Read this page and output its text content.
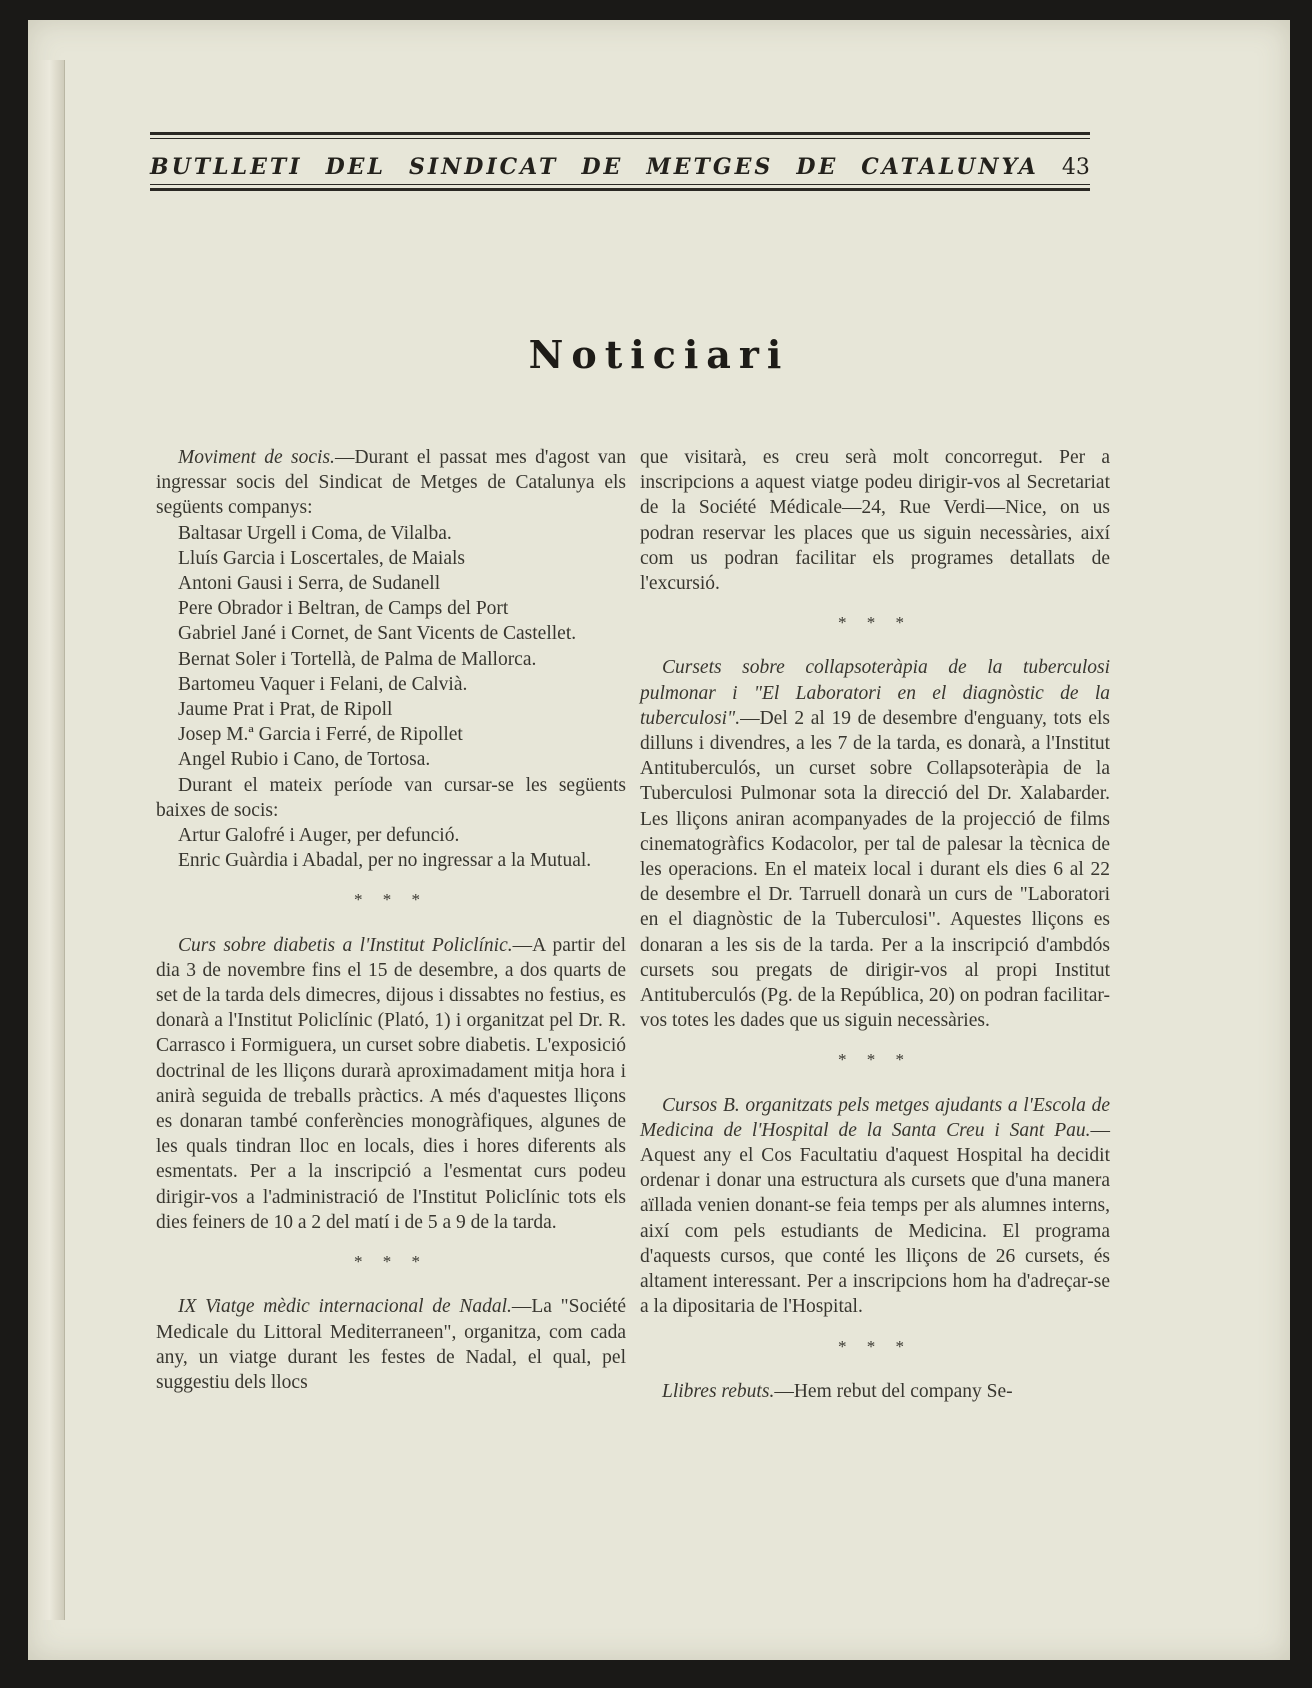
BUTLLETI DEL SINDICAT DE METGES DE CATALUNYA 43
Noticiari

Moviment de socis.—Durant el passat mes d'agost van ingressar socis del Sindicat de Metges de Catalunya els següents companys:

Baltasar Urgell i Coma, de Vilalba.
Lluís Garcia i Loscertales, de Maials
Antoni Gausi i Serra, de Sudanell
Pere Obrador i Beltran, de Camps del Port
Gabriel Jané i Cornet, de Sant Vicents de Castellet.
Bernat Soler i Tortellà, de Palma de Mallorca.
Bartomeu Vaquer i Felani, de Calvià.
Jaume Prat i Prat, de Ripoll
Josep M.ª Garcia i Ferré, de Ripollet
Angel Rubio i Cano, de Tortosa.

Durant el mateix període van cursar-se les següents baixes de socis:

Artur Galofré i Auger, per defunció.
Enric Guàrdia i Abadal, per no ingressar a la Mutual.
* * *

Curs sobre diabetis a l'Institut Policlínic.—A partir del dia 3 de novembre fins el 15 de desembre, a dos quarts de set de la tarda dels dimecres, dijous i dissabtes no festius, es donarà a l'Institut Policlínic (Plató, 1) i organitzat pel Dr. R. Carrasco i Formiguera, un curset sobre diabetis. L'exposició doctrinal de les lliçons durarà aproximadament mitja hora i anirà seguida de treballs pràctics. A més d'aquestes lliçons es donaran també conferències monogràfiques, algunes de les quals tindran lloc en locals, dies i hores diferents als esmentats. Per a la inscripció a l'esmentat curs podeu dirigir-vos a l'administració de l'Institut Policlínic tots els dies feiners de 10 a 2 del matí i de 5 a 9 de la tarda.

* * *

IX Viatge mèdic internacional de Nadal.—La "Société Medicale du Littoral Mediterraneen", organitza, com cada any, un viatge durant les festes de Nadal, el qual, pel suggestiu dels llocs

que visitarà, es creu serà molt concorregut. Per a inscripcions a aquest viatge podeu dirigir-vos al Secretariat de la Société Médicale—24, Rue Verdi—Nice, on us podran reservar les places que us siguin necessàries, així com us podran facilitar els programes detallats de l'excursió.

* * *

Cursets sobre collapsoteràpia de la tuberculosi pulmonar i "El Laboratori en el diagnòstic de la tuberculosi".—Del 2 al 19 de desembre d'enguany, tots els dilluns i divendres, a les 7 de la tarda, es donarà, a l'Institut Antituberculós, un curset sobre Collapsoteràpia de la Tuberculosi Pulmonar sota la direcció del Dr. Xalabarder. Les lliçons aniran acompanyades de la projecció de films cinematogràfics Kodacolor, per tal de palesar la tècnica de les operacions. En el mateix local i durant els dies 6 al 22 de desembre el Dr. Tarruell donarà un curs de "Laboratori en el diagnòstic de la Tuberculosi". Aquestes lliçons es donaran a les sis de la tarda. Per a la inscripció d'ambdós cursets sou pregats de dirigir-vos al propi Institut Antituberculós (Pg. de la República, 20) on podran facilitar-vos totes les dades que us siguin necessàries.

* * *

Cursos B. organitzats pels metges ajudants a l'Escola de Medicina de l'Hospital de la Santa Creu i Sant Pau.—Aquest any el Cos Facultatiu d'aquest Hospital ha decidit ordenar i donar una estructura als cursets que d'una manera aïllada venien donant-se feia temps per als alumnes interns, així com pels estudiants de Medicina. El programa d'aquests cursos, que conté les lliçons de 26 cursets, és altament interessant. Per a inscripcions hom ha d'adreçar-se a la dipositaria de l'Hospital.

* * *

Llibres rebuts.—Hem rebut del company Se-
